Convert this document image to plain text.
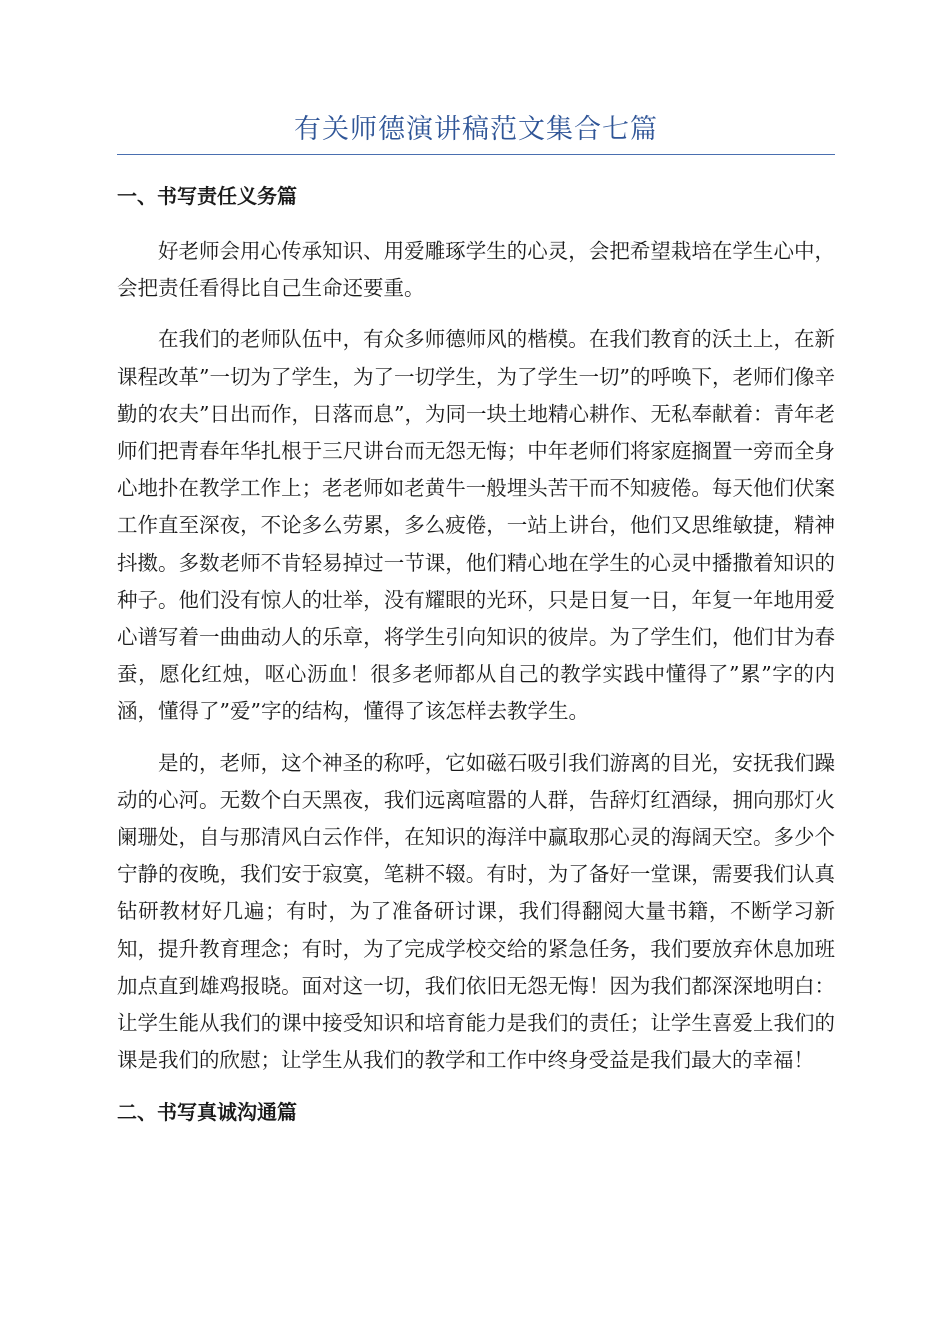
有关师德演讲稿范文集合七篇
一、书写责任义务篇

好老师会用心传承知识、用爱雕琢学生的心灵，会把希望栽培在学生心中，会把责任看得比自己生命还要重。

在我们的老师队伍中，有众多师德师风的楷模。在我们教育的沃土上，在新课程改革”一切为了学生，为了一切学生，为了学生一切”的呼唤下，老师们像辛勤的农夫”日出而作，日落而息”，为同一块土地精心耕作、无私奉献着：青年老师们把青春年华扎根于三尺讲台而无怨无悔；中年老师们将家庭搁置一旁而全身心地扑在教学工作上；老老师如老黄牛一般埋头苦干而不知疲倦。每天他们伏案工作直至深夜，不论多么劳累，多么疲倦，一站上讲台，他们又思维敏捷，精神抖擞。多数老师不肯轻易掉过一节课，他们精心地在学生的心灵中播撒着知识的种子。他们没有惊人的壮举，没有耀眼的光环，只是日复一日，年复一年地用爱心谱写着一曲曲动人的乐章，将学生引向知识的彼岸。为了学生们，他们甘为春蚕，愿化红烛，呕心沥血！很多老师都从自己的教学实践中懂得了”累”字的内涵，懂得了”爱”字的结构，懂得了该怎样去教学生。

是的，老师，这个神圣的称呼，它如磁石吸引我们游离的目光，安抚我们躁动的心河。无数个白天黑夜，我们远离喧嚣的人群，告辞灯红酒绿，拥向那灯火阑珊处，自与那清风白云作伴，在知识的海洋中赢取那心灵的海阔天空。多少个宁静的夜晚，我们安于寂寞，笔耕不辍。有时，为了备好一堂课，需要我们认真钻研教材好几遍；有时，为了准备研讨课，我们得翻阅大量书籍，不断学习新知，提升教育理念；有时，为了完成学校交给的紧急任务，我们要放弃休息加班加点直到雄鸡报晓。面对这一切，我们依旧无怨无悔！因为我们都深深地明白：让学生能从我们的课中接受知识和培育能力是我们的责任；让学生喜爱上我们的课是我们的欣慰；让学生从我们的教学和工作中终身受益是我们最大的幸福！

二、书写真诚沟通篇
